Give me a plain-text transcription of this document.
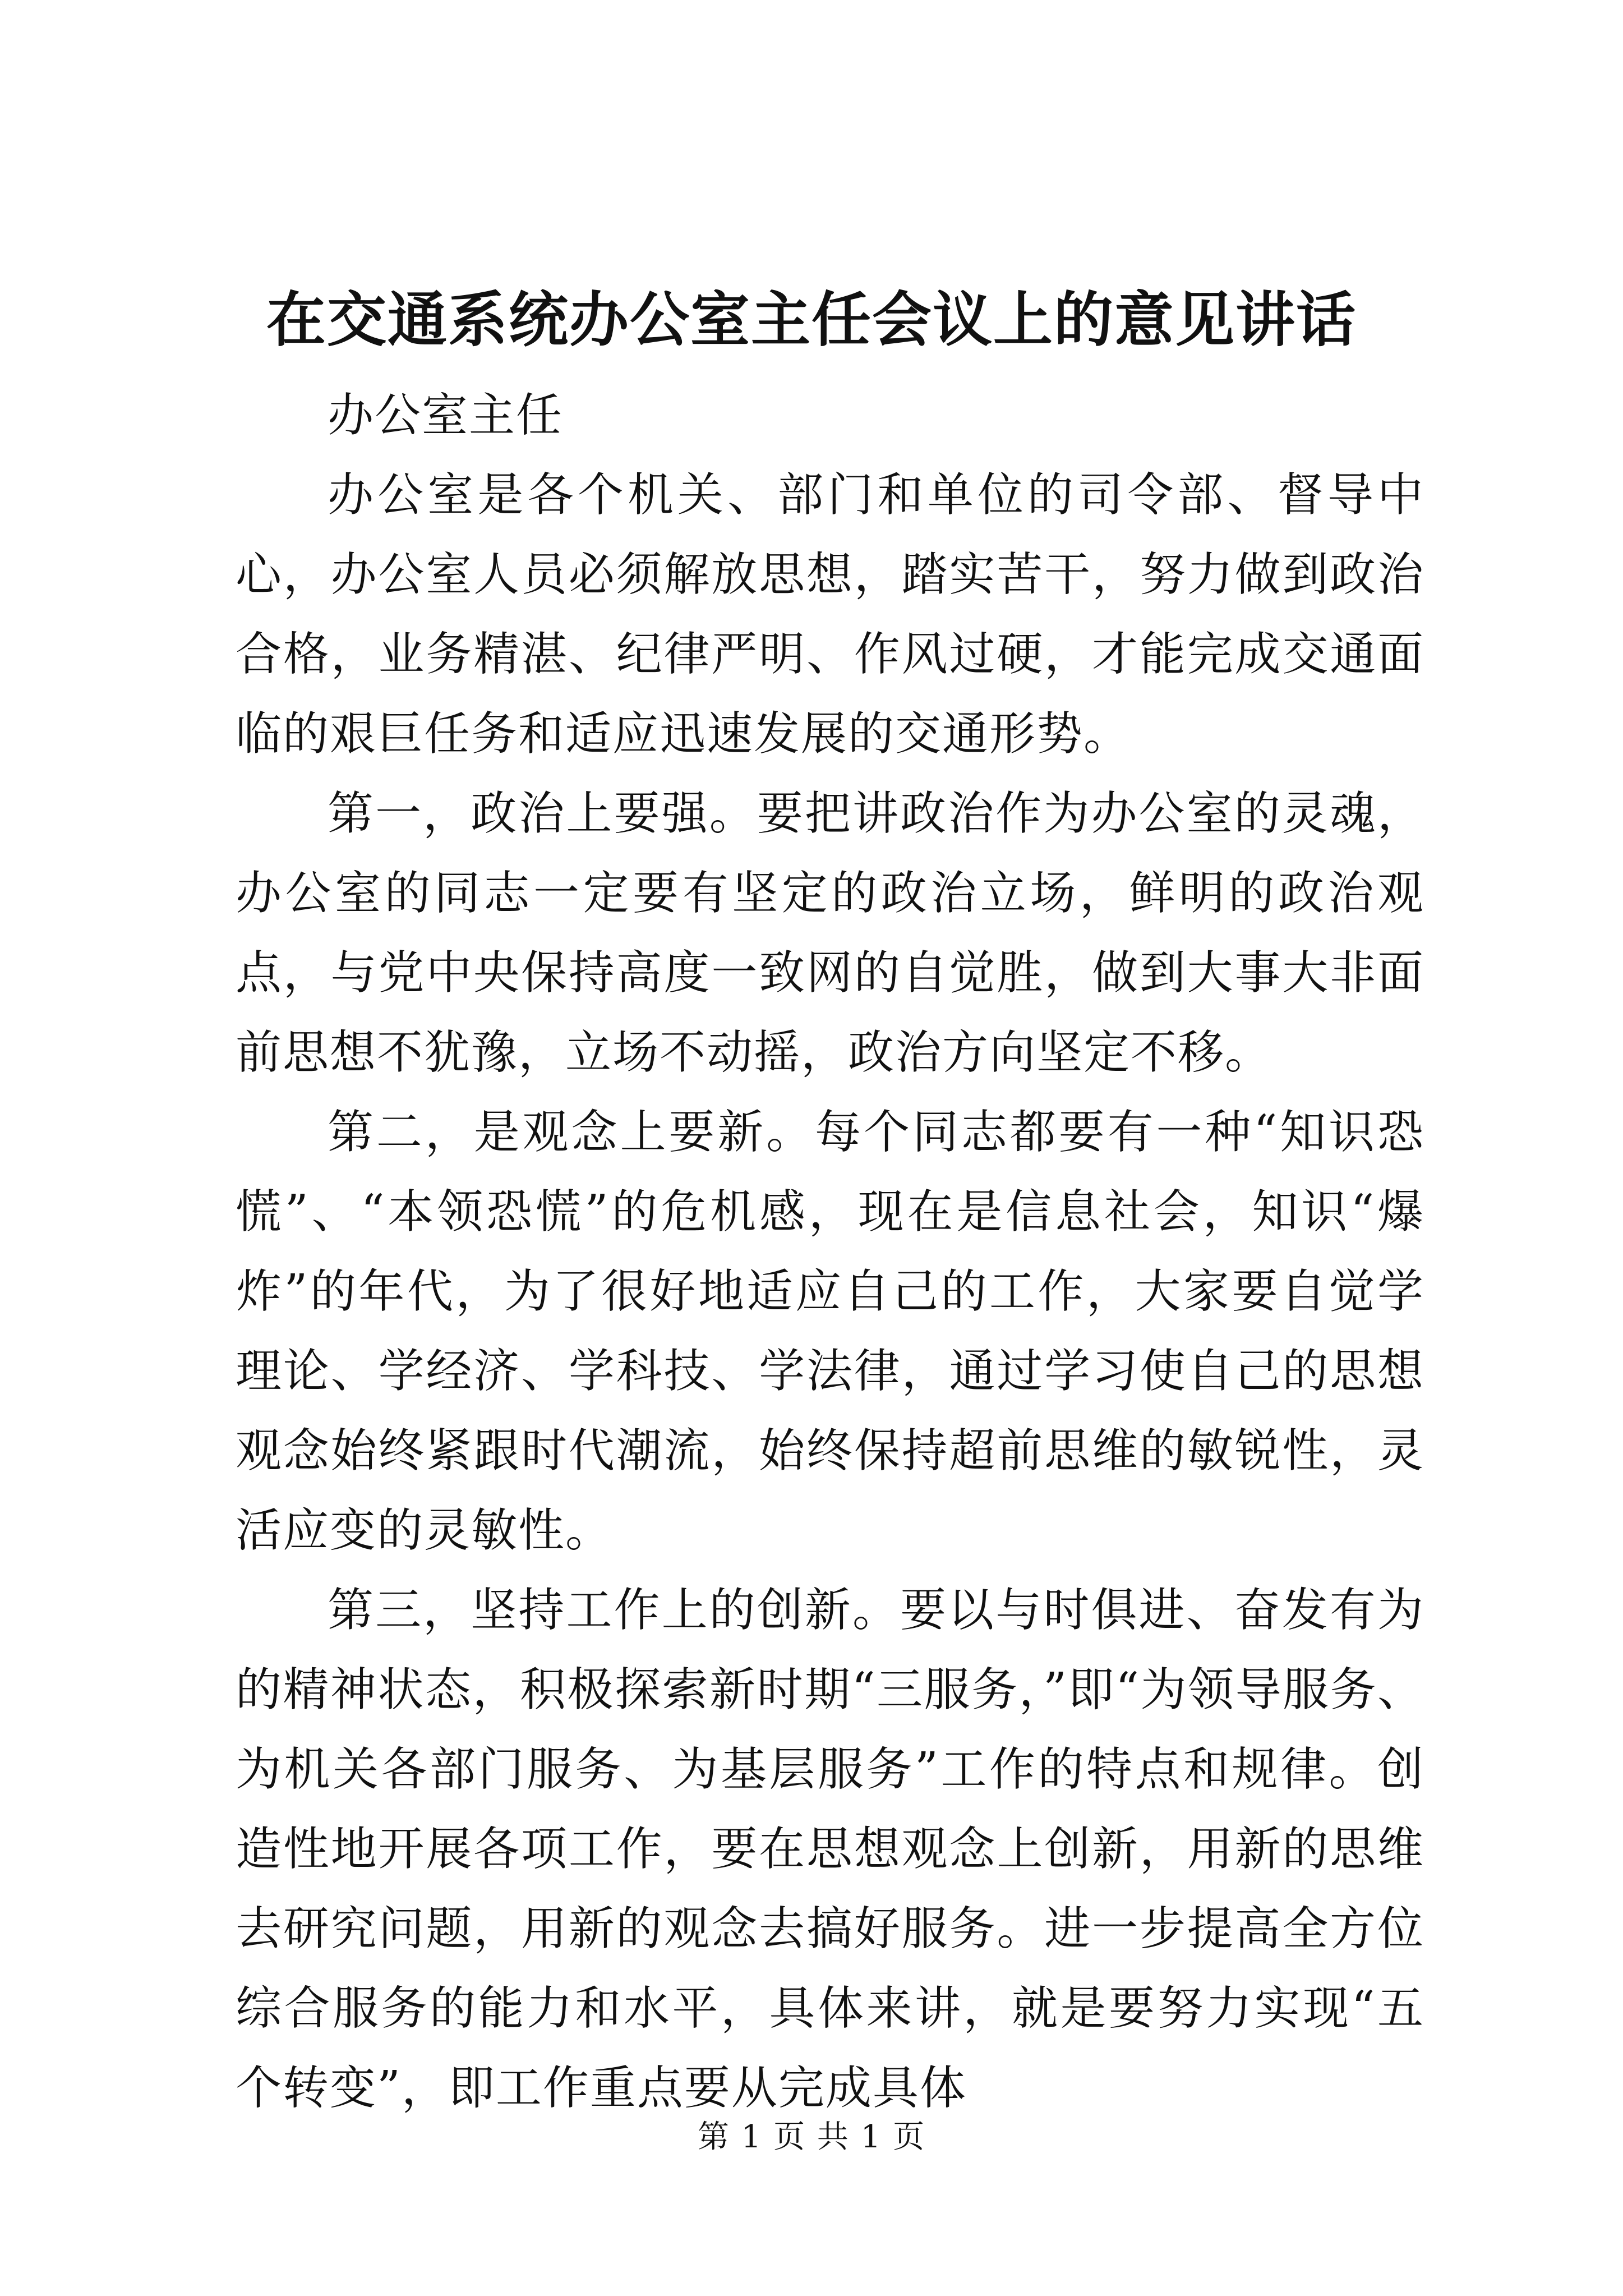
在交通系统办公室主任会议上的意见讲话

办公室主任

办公室是各个机关、部门和单位的司令部、督导中心，办公室人员必须解放思想，踏实苦干，努力做到政治合格，业务精湛、纪律严明、作风过硬，才能完成交通面临的艰巨任务和适应迅速发展的交通形势。

第一，政治上要强。要把讲政治作为办公室的灵魂，办公室的同志一定要有坚定的政治立场，鲜明的政治观点，与党中央保持高度一致网的自觉胜，做到大事大非面前思想不犹豫，立场不动摇，政治方向坚定不移。

第二，是观念上要新。每个同志都要有一种“知识恐慌”、“本领恐慌”的危机感，现在是信息社会，知识“爆炸”的年代，为了很好地适应自己的工作，大家要自觉学理论、学经济、学科技、学法律，通过学习使自己的思想观念始终紧跟时代潮流，始终保持超前思维的敏锐性，灵活应变的灵敏性。

第三，坚持工作上的创新。要以与时俱进、奋发有为的精神状态，积极探索新时期“三服务，”即“为领导服务、为机关各部门服务、为基层服务”工作的特点和规律。创造性地开展各项工作，要在思想观念上创新，用新的思维去研究问题，用新的观念去搞好服务。进一步提高全方位综合服务的能力和水平，具体来讲，就是要努力实现“五个转变”，即工作重点要从完成具体

第 1 页 共 1 页
